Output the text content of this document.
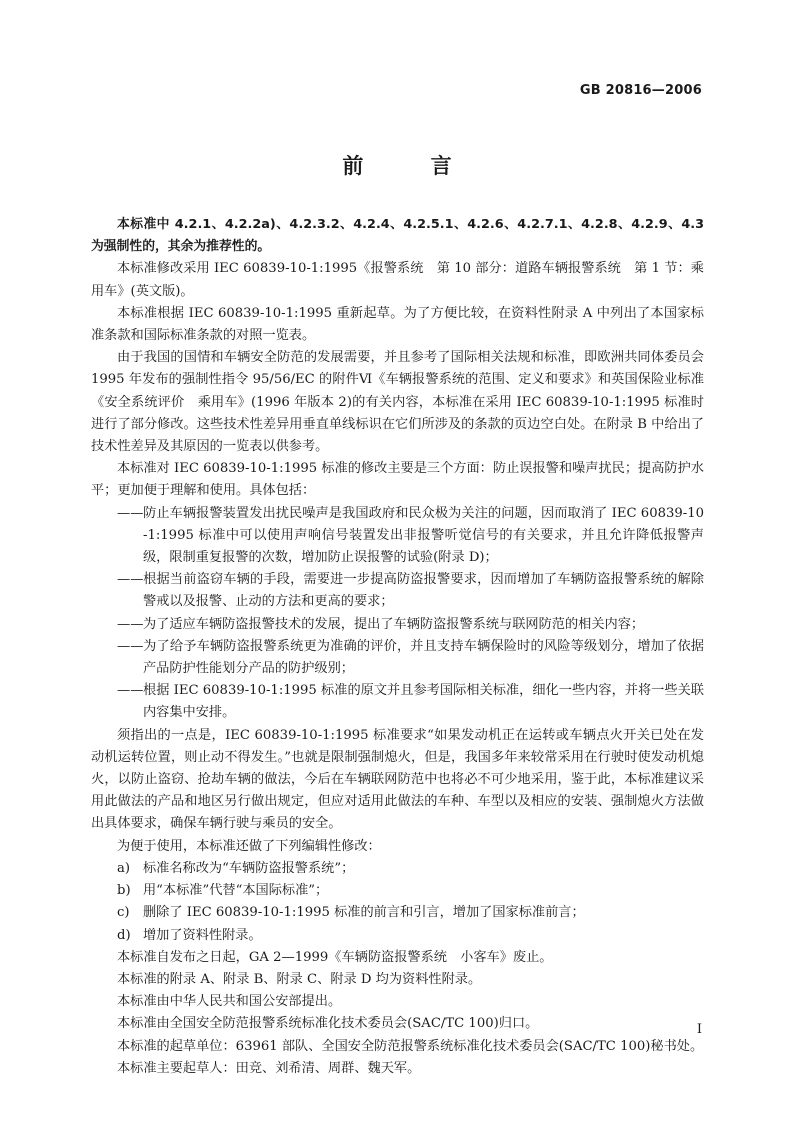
GB 20816—2006
前 言

本标准中 4.2.1、4.2.2a)、4.2.3.2、4.2.4、4.2.5.1、4.2.6、4.2.7.1、4.2.8、4.2.9、4.3 为强制性的，其余为推荐性的。

本标准修改采用 IEC 60839-10-1:1995《报警系统　第 10 部分：道路车辆报警系统　第 1 节：乘用车》(英文版)。

本标准根据 IEC 60839-10-1:1995 重新起草。为了方便比较，在资料性附录 A 中列出了本国家标准条款和国际标准条款的对照一览表。

由于我国的国情和车辆安全防范的发展需要，并且参考了国际相关法规和标准，即欧洲共同体委员会 1995 年发布的强制性指令 95/56/EC 的附件Ⅵ《车辆报警系统的范围、定义和要求》和英国保险业标准《安全系统评价　乘用车》(1996 年版本 2)的有关内容，本标准在采用 IEC 60839-10-1:1995 标准时进行了部分修改。这些技术性差异用垂直单线标识在它们所涉及的条款的页边空白处。在附录 B 中给出了技术性差异及其原因的一览表以供参考。

本标准对 IEC 60839-10-1:1995 标准的修改主要是三个方面：防止误报警和噪声扰民；提高防护水平；更加便于理解和使用。具体包括：

——防止车辆报警装置发出扰民噪声是我国政府和民众极为关注的问题，因而取消了 IEC 60839-10-1:1995 标准中可以使用声响信号装置发出非报警听觉信号的有关要求，并且允许降低报警声级，限制重复报警的次数，增加防止误报警的试验(附录 D)；

——根据当前盗窃车辆的手段，需要进一步提高防盗报警要求，因而增加了车辆防盗报警系统的解除警戒以及报警、止动的方法和更高的要求；

——为了适应车辆防盗报警技术的发展，提出了车辆防盗报警系统与联网防范的相关内容；

——为了给予车辆防盗报警系统更为准确的评价，并且支持车辆保险时的风险等级划分，增加了依据产品防护性能划分产品的防护级别；

——根据 IEC 60839-10-1:1995 标准的原文并且参考国际相关标准，细化一些内容，并将一些关联内容集中安排。

须指出的一点是，IEC 60839-10-1:1995 标准要求“如果发动机正在运转或车辆点火开关已处在发动机运转位置，则止动不得发生。”也就是限制强制熄火，但是，我国多年来较常采用在行驶时使发动机熄火，以防止盗窃、抢劫车辆的做法，今后在车辆联网防范中也将必不可少地采用，鉴于此，本标准建议采用此做法的产品和地区另行做出规定，但应对适用此做法的车种、车型以及相应的安装、强制熄火方法做出具体要求，确保车辆行驶与乘员的安全。

为便于使用，本标准还做了下列编辑性修改：

a) 标准名称改为“车辆防盗报警系统”；

b) 用“本标准”代替“本国际标准”；

c) 删除了 IEC 60839-10-1:1995 标准的前言和引言，增加了国家标准前言；

d) 增加了资料性附录。

本标准自发布之日起，GA 2—1999《车辆防盗报警系统　小客车》废止。

本标准的附录 A、附录 B、附录 C、附录 D 均为资料性附录。

本标准由中华人民共和国公安部提出。

本标准由全国安全防范报警系统标准化技术委员会(SAC/TC 100)归口。

本标准的起草单位：63961 部队、全国安全防范报警系统标准化技术委员会(SAC/TC 100)秘书处。

本标准主要起草人：田竞、刘希清、周群、魏天军。

I
